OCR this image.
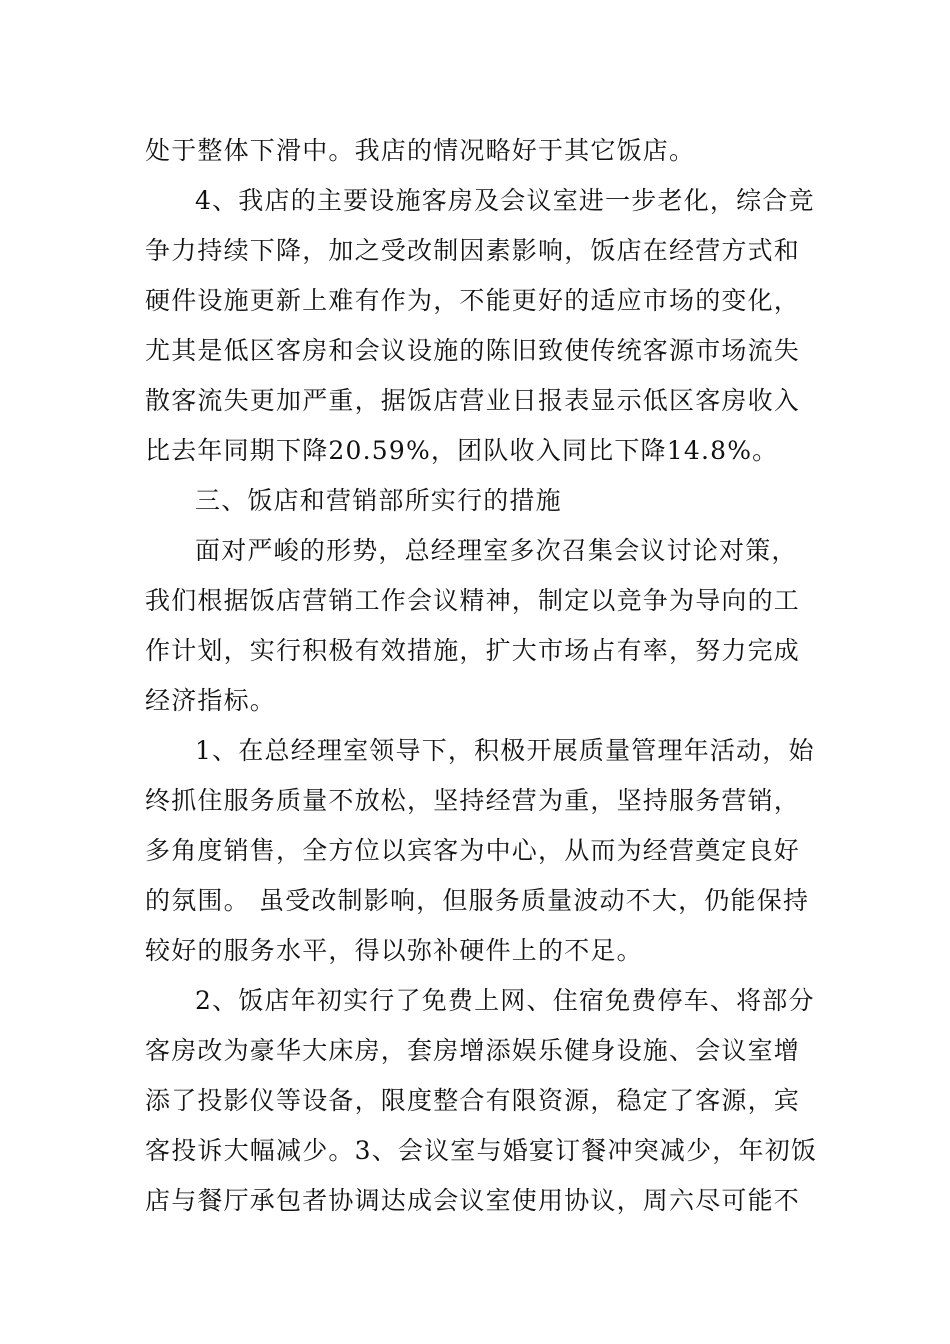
处于整体下滑中。我店的情况略好于其它饭店。
4、我店的主要设施客房及会议室进一步老化，综合竞
争力持续下降，加之受改制因素影响，饭店在经营方式和
硬件设施更新上难有作为，不能更好的适应市场的变化，
尤其是低区客房和会议设施的陈旧致使传统客源市场流失
散客流失更加严重，据饭店营业日报表显示低区客房收入
比去年同期下降20.59%，团队收入同比下降14.8%。
三、饭店和营销部所实行的措施
面对严峻的形势，总经理室多次召集会议讨论对策，
我们根据饭店营销工作会议精神，制定以竞争为导向的工
作计划，实行积极有效措施，扩大市场占有率，努力完成
经济指标。
1、在总经理室领导下，积极开展质量管理年活动，始
终抓住服务质量不放松，坚持经营为重，坚持服务营销，
多角度销售，全方位以宾客为中心，从而为经营奠定良好
的氛围。 虽受改制影响，但服务质量波动不大，仍能保持
较好的服务水平，得以弥补硬件上的不足。
2、饭店年初实行了免费上网、住宿免费停车、将部分
客房改为豪华大床房，套房增添娱乐健身设施、会议室增
添了投影仪等设备，限度整合有限资源，稳定了客源，宾
客投诉大幅减少。3、会议室与婚宴订餐冲突减少，年初饭
店与餐厅承包者协调达成会议室使用协议，周六尽可能不
